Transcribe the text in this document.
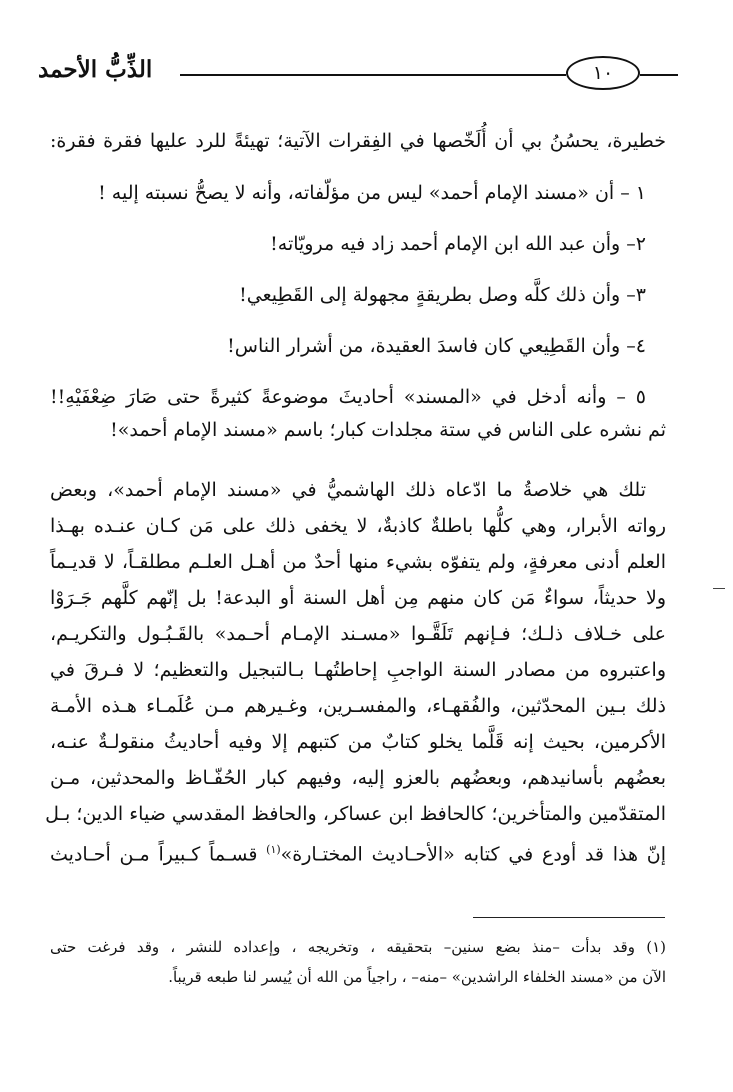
الذِّبُّ الأحمد	١٠
خطيرة، يحسُنُ بي أن أُلَخّصها في الفِقرات الآتية؛ تهيئةً للرد عليها فقرة فقرة:
١ – أن «مسند الإمام أحمد» ليس من مؤلّفاته، وأنه لا يصحُّ نسبته إليه !
٢– وأن عبد الله ابن الإمام أحمد زاد فيه مرويّاته!
٣– وأن ذلك كلَّه وصل بطريقةٍ مجهولة إلى القَطِيعي!
٤– وأن القَطِيعي كان فاسدَ العقيدة، من أشرار الناس!
٥ – وأنه أدخل في «المسند» أحاديثَ موضوعةً كثيرةً حتى صَارَ ضِعْفَيْهِ!!
ثم نشره على الناس في ستة مجلدات كبار؛ باسم «مسند الإمام أحمد»!
تلك هي خلاصةُ ما ادّعاه ذلك الهاشميُّ في «مسند الإمام أحمد»، وبعض
رواته الأبرار، وهي كلُّها باطلةٌ كاذبةٌ، لا يخفى ذلك على مَن كـان عنـده بهـذا
العلم أدنى معرفةٍ، ولم يتفوّه بشيء منها أحدٌ من أهـل العلـم مطلقـاً، لا قديـماً
ولا حديثاً، سواءٌ مَن كان منهم مِن أهل السنة أو البدعة! بل إنّهم كلَّهم جَـرَوْا
على خـلاف ذلـك؛ فـإنهم تَلَقَّـوا «مسـند الإمـام أحـمد» بالقَـبُـول والتكريـم،
واعتبروه من مصادر السنة الواجبِ إحاطتُهـا بـالتبجيل والتعظيم؛ لا فـرقَ في
ذلك بـين المحدّثين، والفُقهـاء، والمفسـرين، وغـيرهم مـن عُلَمـاء هـذه الأمـة
الأكرمين، بحيث إنه قَلَّما يخلو كتابٌ من كتبهم إلا وفيه أحاديثُ منقولـةٌ عنـه،
بعضُهم بأسانيدهم، وبعضُهم بالعزو إليه، وفيهم كبار الحُفّـاظ والمحدثين، مـن
المتقدّمين والمتأخرين؛ كالحافظ ابن عساكر، والحافظ المقدسي ضياء الدين؛ بـل
إنّ هذا قد أودع في كتابه «الأحـاديث المختـارة»$^{(١)}$ قسـماً كـبيراً مـن أحـاديث
(١) وقد بدأت –منذ بضع سنين– بتحقيقه ، وتخريجه ، وإعداده للنشر ، وقد فرغت حتى
الآن من «مسند الخلفاء الراشدين» –منه– ، راجياً من الله أن يُيسر لنا طبعه قريباً.
